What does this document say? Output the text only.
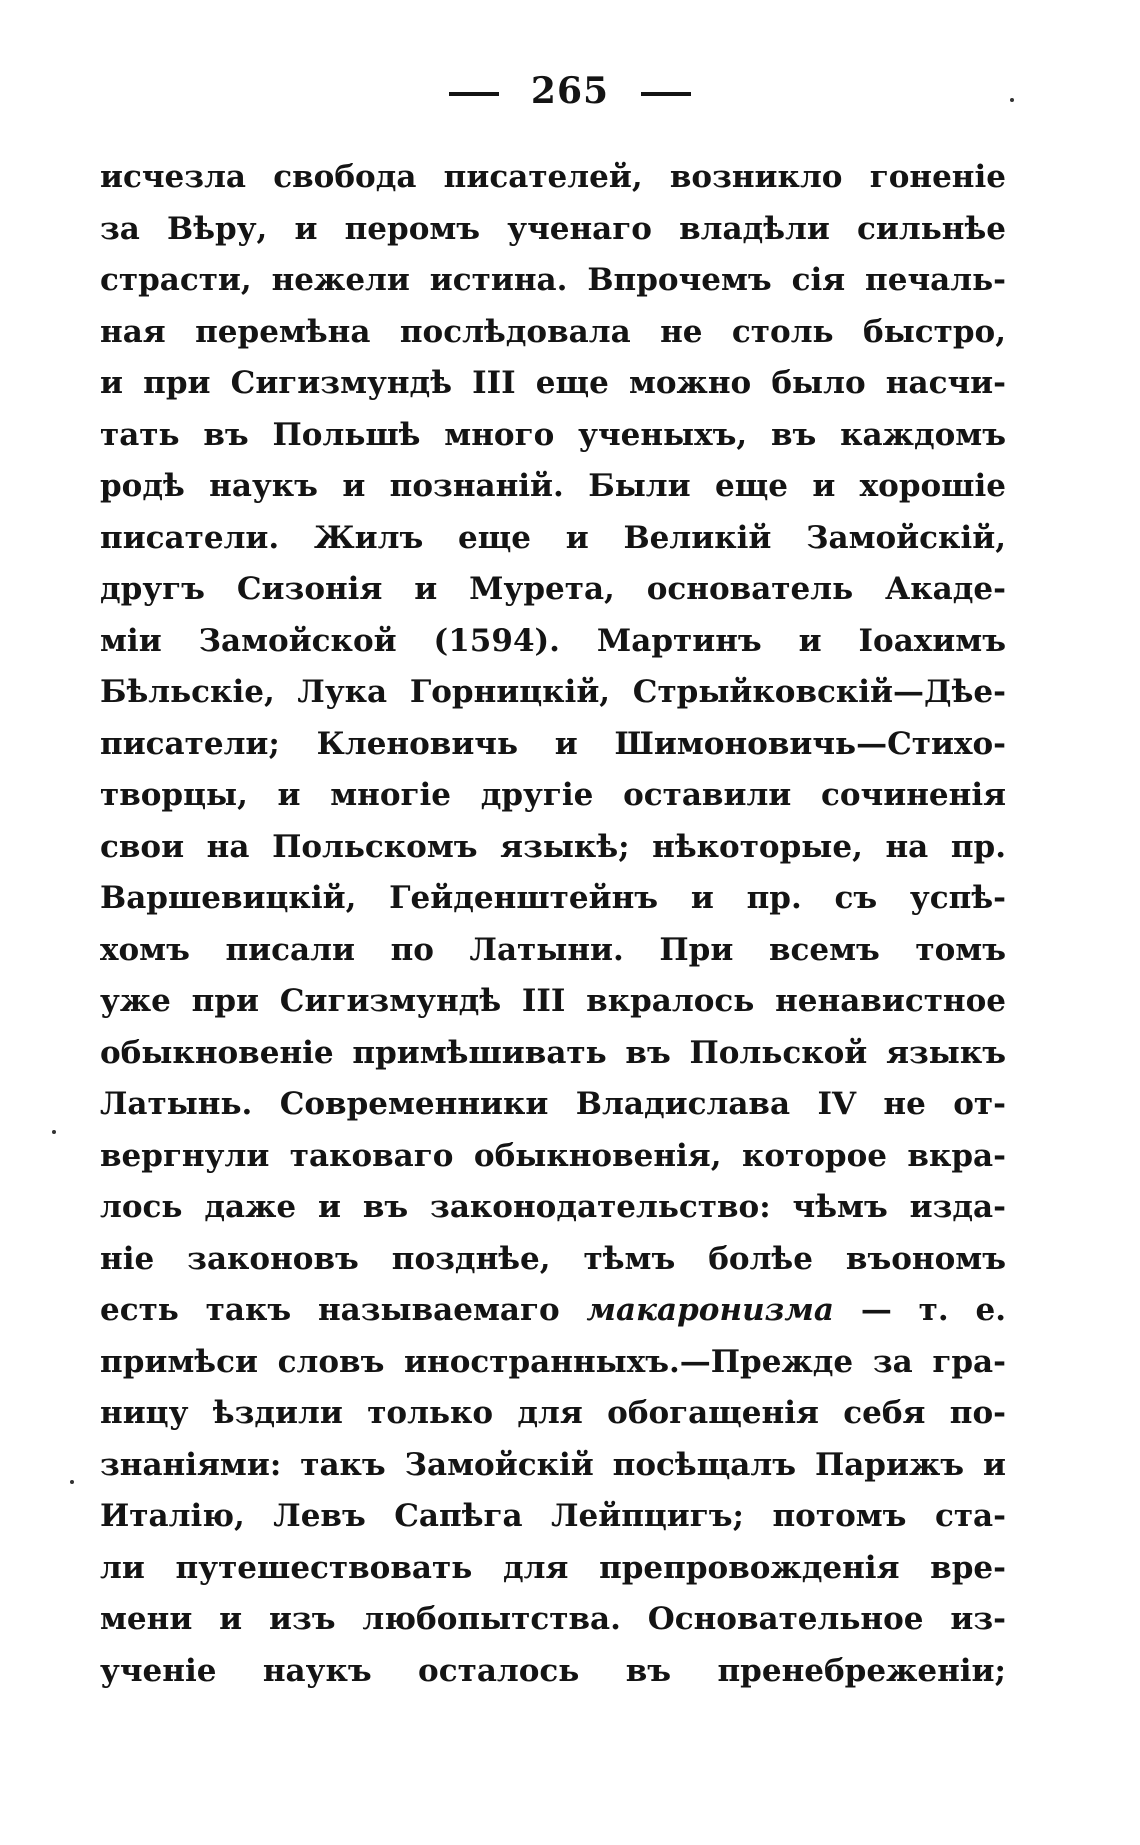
265
исчезла свобода писателей, возникло гоненіе
за Вѣру, и перомъ ученаго владѣли сильнѣе
страсти, нежели истина. Впрочемъ сія печаль-
ная перемѣна послѣдовала не столь быстро,
и при Сигизмундѣ III еще можно было насчи-
тать въ Польшѣ много ученыхъ, въ каждомъ
родѣ наукъ и познаній. Были еще и хорошіе
писатели. Жилъ еще и Великій Замойскій,
другъ Сизонія и Мурета, основатель Акаде-
міи Замойской (1594). Мартинъ и Іоахимъ
Бѣльскіе, Лука Горницкій, Стрыйковскій—Дѣе-
писатели; Кленовичь и Шимоновичь—Стихо-
творцы, и многіе другіе оставили сочиненія
свои на Польскомъ языкѣ; нѣкоторые, на пр.
Варшевицкій, Гейденштейнъ и пр. съ успѣ-
хомъ писали по Латыни. При всемъ томъ
уже при Сигизмундѣ III вкралось ненавистное
обыкновеніе примѣшивать въ Польской языкъ
Латынь. Современники Владислава IV не от-
вергнули таковаго обыкновенія, которое вкра-
лось даже и въ законодательство: чѣмъ изда-
ніе законовъ позднѣе, тѣмъ болѣе въономъ
есть такъ называемаго макаронизма — т. е.
примѣси словъ иностранныхъ.—Прежде за гра-
ницу ѣздили только для обогащенія себя по-
знаніями: такъ Замойскій посѣщалъ Парижъ и
Италію, Левъ Сапѣга Лейпцигъ; потомъ ста-
ли путешествовать для препровожденія вре-
мени и изъ любопытства. Основательное из-
ученіе наукъ осталось въ пренебреженіи;
